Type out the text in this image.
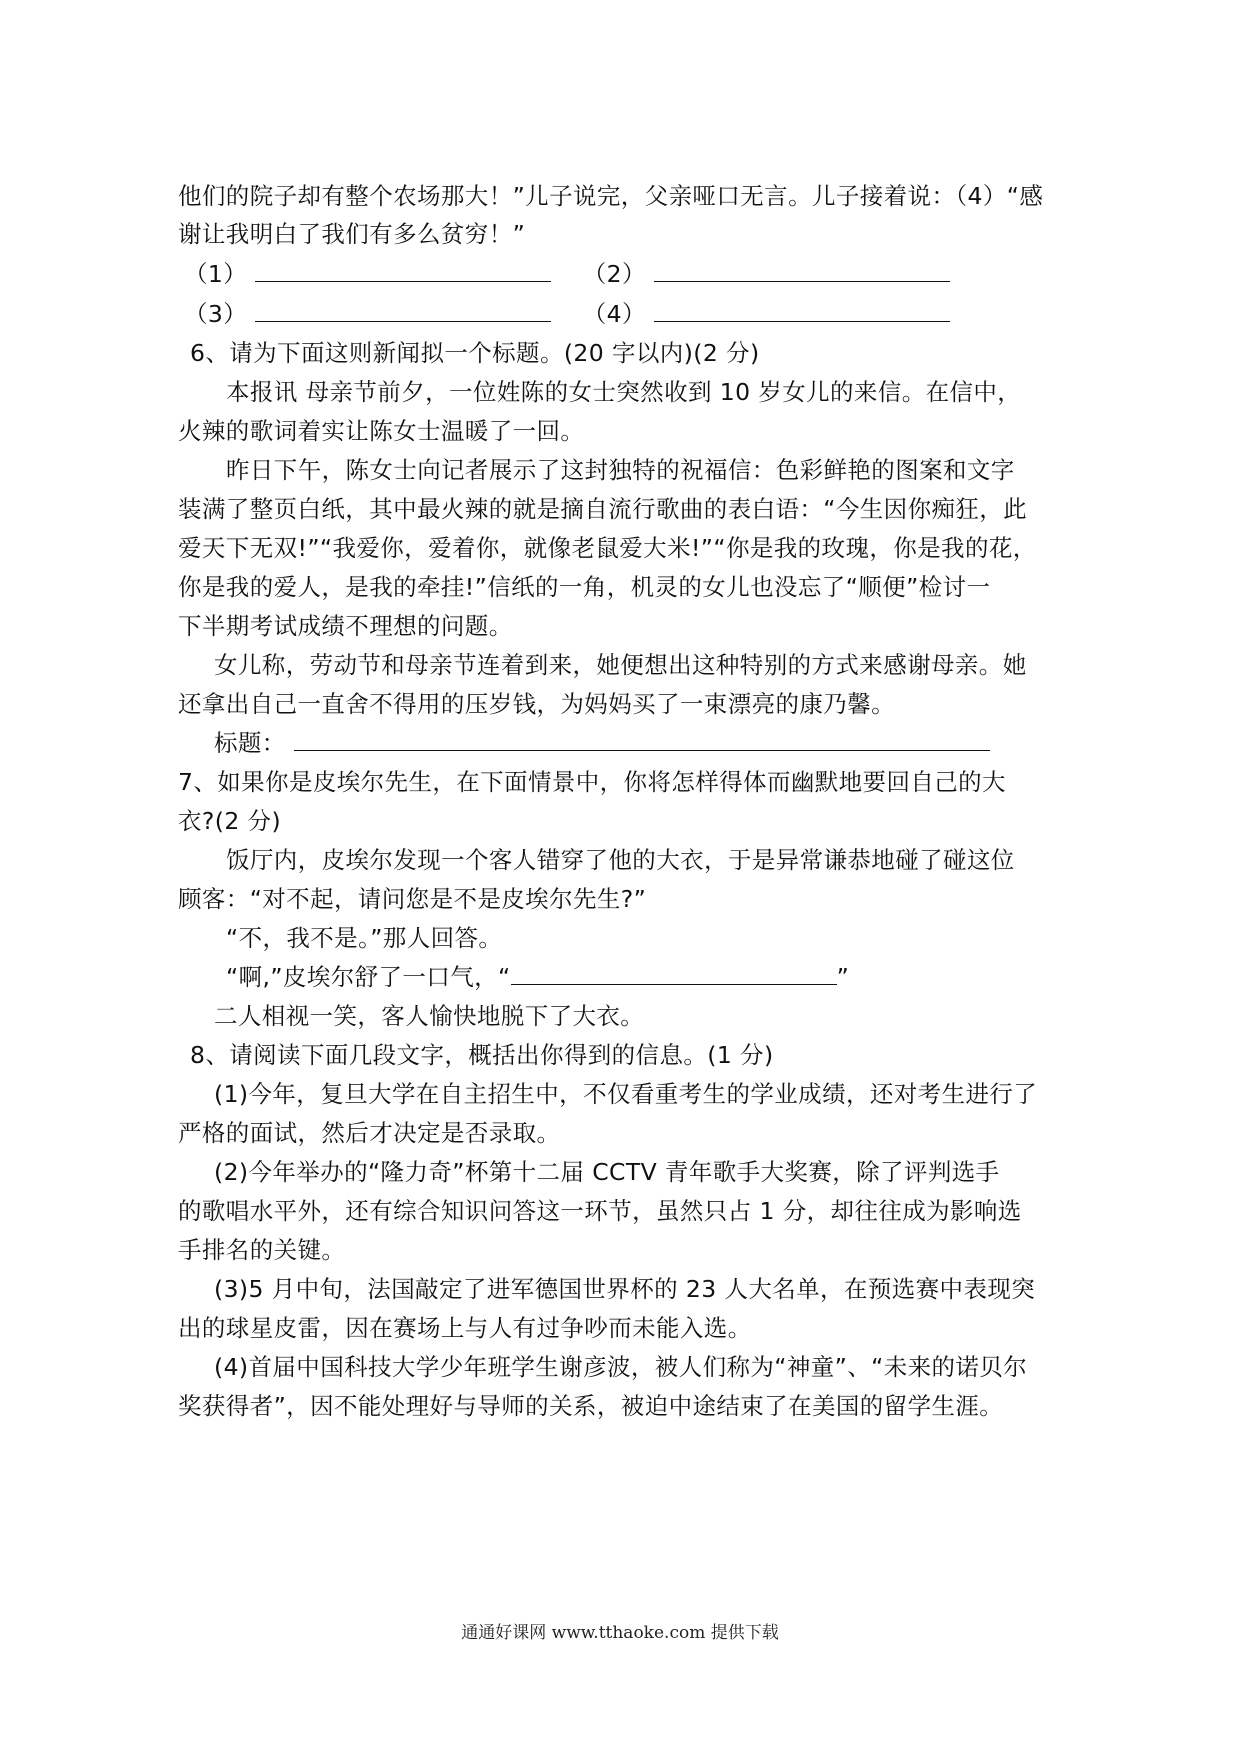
他们的院子却有整个农场那大！”儿子说完，父亲哑口无言。儿子接着说：（4）“感
谢让我明白了我们有多么贫穷！”
（1）	（2）
（3）	（4）
6、请为下面这则新闻拟一个标题。(20 字以内)(2 分)
本报讯 母亲节前夕，一位姓陈的女士突然收到 10 岁女儿的来信。在信中，
火辣的歌词着实让陈女士温暖了一回。
昨日下午，陈女士向记者展示了这封独特的祝福信：色彩鲜艳的图案和文字
装满了整页白纸，其中最火辣的就是摘自流行歌曲的表白语：“今生因你痴狂，此
爱天下无双!”“我爱你，爱着你，就像老鼠爱大米!”“你是我的玫瑰，你是我的花，
你是我的爱人，是我的牵挂!”信纸的一角，机灵的女儿也没忘了“顺便”检讨一
下半期考试成绩不理想的问题。
女儿称，劳动节和母亲节连着到来，她便想出这种特别的方式来感谢母亲。她
还拿出自己一直舍不得用的压岁钱，为妈妈买了一束漂亮的康乃馨。
标题：
7、如果你是皮埃尔先生，在下面情景中，你将怎样得体而幽默地要回自己的大
衣?(2 分)
饭厅内，皮埃尔发现一个客人错穿了他的大衣，于是异常谦恭地碰了碰这位
顾客：“对不起，请问您是不是皮埃尔先生?”
“不，我不是。”那人回答。
“啊,”皮埃尔舒了一口气，“	”
二人相视一笑，客人愉快地脱下了大衣。
8、请阅读下面几段文字，概括出你得到的信息。(1 分)
(1)今年，复旦大学在自主招生中，不仅看重考生的学业成绩，还对考生进行了
严格的面试，然后才决定是否录取。
(2)今年举办的“隆力奇”杯第十二届 CCTV 青年歌手大奖赛，除了评判选手
的歌唱水平外，还有综合知识问答这一环节，虽然只占 1 分，却往往成为影响选
手排名的关键。
(3)5 月中旬，法国敲定了进军德国世界杯的 23 人大名单，在预选赛中表现突
出的球星皮雷，因在赛场上与人有过争吵而未能入选。
(4)首届中国科技大学少年班学生谢彦波，被人们称为“神童”、“未来的诺贝尔
奖获得者”，因不能处理好与导师的关系，被迫中途结束了在美国的留学生涯。
通通好课网 www.tthaoke.com 提供下载
